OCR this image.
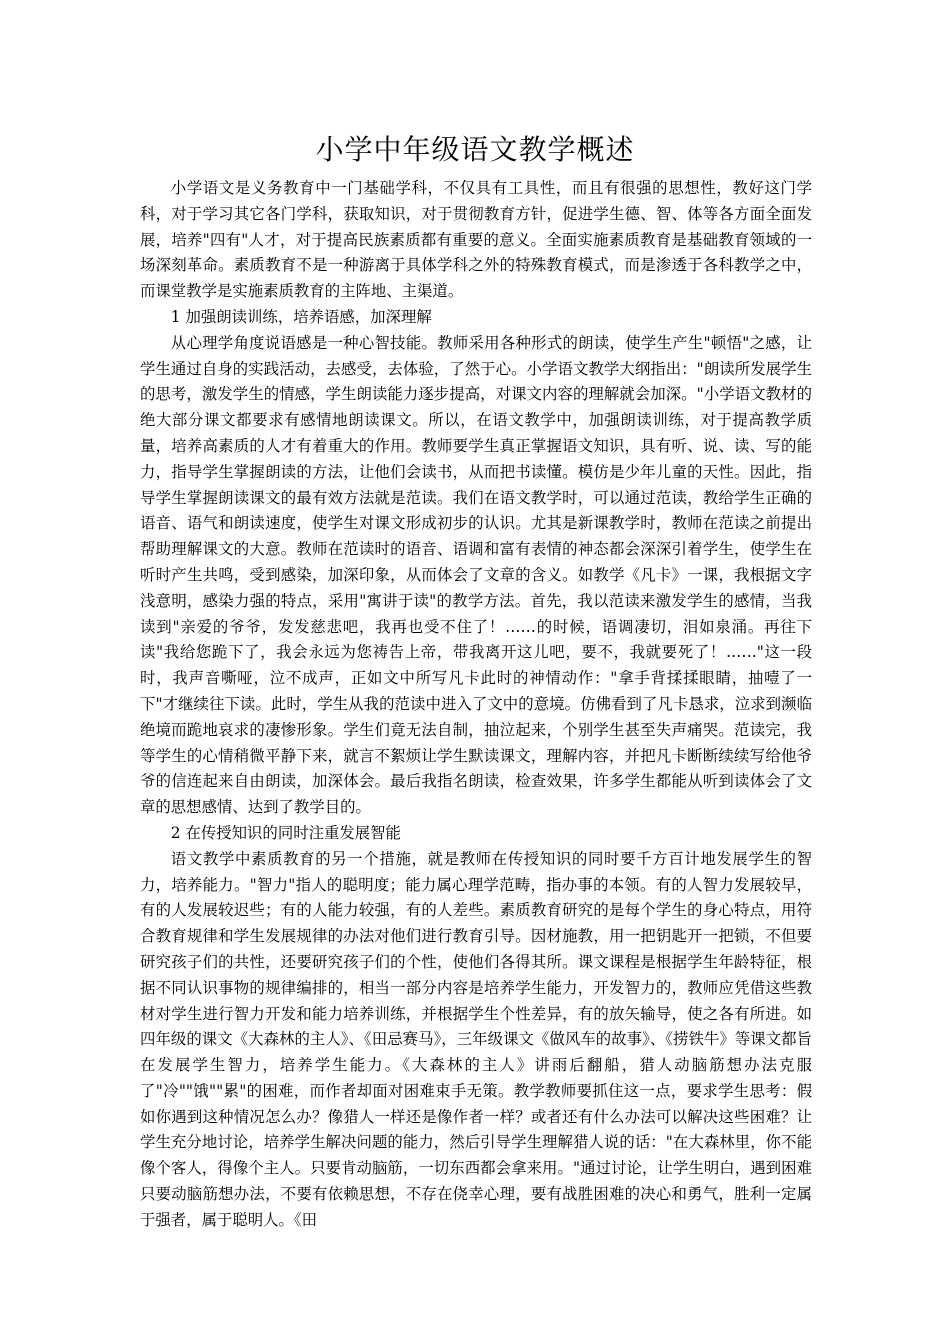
小学中年级语文教学概述

小学语文是义务教育中一门基础学科，不仅具有工具性，而且有很强的思想性，教好这门学科，对于学习其它各门学科，获取知识，对于贯彻教育方针，促进学生德、智、体等各方面全面发展，培养"四有"人才，对于提高民族素质都有重要的意义。全面实施素质教育是基础教育领域的一场深刻革命。素质教育不是一种游离于具体学科之外的特殊教育模式，而是渗透于各科教学之中，而课堂教学是实施素质教育的主阵地、主渠道。

1 加强朗读训练，培养语感，加深理解

从心理学角度说语感是一种心智技能。教师采用各种形式的朗读，使学生产生"顿悟"之感，让学生通过自身的实践活动，去感受，去体验，了然于心。小学语文教学大纲指出："朗读所发展学生的思考，激发学生的情感，学生朗读能力逐步提高，对课文内容的理解就会加深。"小学语文教材的绝大部分课文都要求有感情地朗读课文。所以，在语文教学中，加强朗读训练，对于提高教学质量，培养高素质的人才有着重大的作用。教师要学生真正掌握语文知识，具有听、说、读、写的能力，指导学生掌握朗读的方法，让他们会读书，从而把书读懂。模仿是少年儿童的天性。因此，指导学生掌握朗读课文的最有效方法就是范读。我们在语文教学时，可以通过范读，教给学生正确的语音、语气和朗读速度，使学生对课文形成初步的认识。尤其是新课教学时，教师在范读之前提出帮助理解课文的大意。教师在范读时的语音、语调和富有表情的神态都会深深引着学生，使学生在听时产生共鸣，受到感染，加深印象，从而体会了文章的含义。如教学《凡卡》一课，我根据文字浅意明，感染力强的特点，采用"寓讲于读"的教学方法。首先，我以范读来激发学生的感情，当我读到"亲爱的爷爷，发发慈悲吧，我再也受不住了！……的时候，语调凄切，泪如泉涌。再往下读"我给您跪下了，我会永远为您祷告上帝，带我离开这儿吧，要不，我就要死了！……"这一段时，我声音嘶哑，泣不成声，正如文中所写凡卡此时的神情动作："拿手背揉揉眼睛，抽噎了一下"才继续往下读。此时，学生从我的范读中进入了文中的意境。仿佛看到了凡卡恳求，泣求到濒临绝境而跪地哀求的凄惨形象。学生们竟无法自制，抽泣起来，个别学生甚至失声痛哭。范读完，我等学生的心情稍微平静下来，就言不絮烦让学生默读课文，理解内容，并把凡卡断断续续写给他爷爷的信连起来自由朗读，加深体会。最后我指名朗读，检查效果，许多学生都能从听到读体会了文章的思想感情、达到了教学目的。

2 在传授知识的同时注重发展智能

语文教学中素质教育的另一个措施，就是教师在传授知识的同时要千方百计地发展学生的智力，培养能力。"智力"指人的聪明度；能力属心理学范畴，指办事的本领。有的人智力发展较早，有的人发展较迟些；有的人能力较强，有的人差些。素质教育研究的是每个学生的身心特点，用符合教育规律和学生发展规律的办法对他们进行教育引导。因材施教，用一把钥匙开一把锁，不但要研究孩子们的共性，还要研究孩子们的个性，使他们各得其所。课文课程是根据学生年龄特征，根据不同认识事物的规律编排的，相当一部分内容是培养学生能力，开发智力的，教师应凭借这些教材对学生进行智力开发和能力培养训练，并根据学生个性差异，有的放矢输导，使之各有所进。如四年级的课文《大森林的主人》、《田忌赛马》，三年级课文《做风车的故事》、《捞铁牛》等课文都旨在发展学生智力，培养学生能力。《大森林的主人》讲雨后翻船，猎人动脑筋想办法克服了"冷""饿""累"的困难，而作者却面对困难束手无策。教学教师要抓住这一点，要求学生思考：假如你遇到这种情况怎么办？像猎人一样还是像作者一样？或者还有什么办法可以解决这些困难？让学生充分地讨论，培养学生解决问题的能力，然后引导学生理解猎人说的话："在大森林里，你不能像个客人，得像个主人。只要肯动脑筋，一切东西都会拿来用。"通过讨论，让学生明白，遇到困难只要动脑筋想办法，不要有依赖思想，不存在侥幸心理，要有战胜困难的决心和勇气，胜利一定属于强者，属于聪明人。《田
